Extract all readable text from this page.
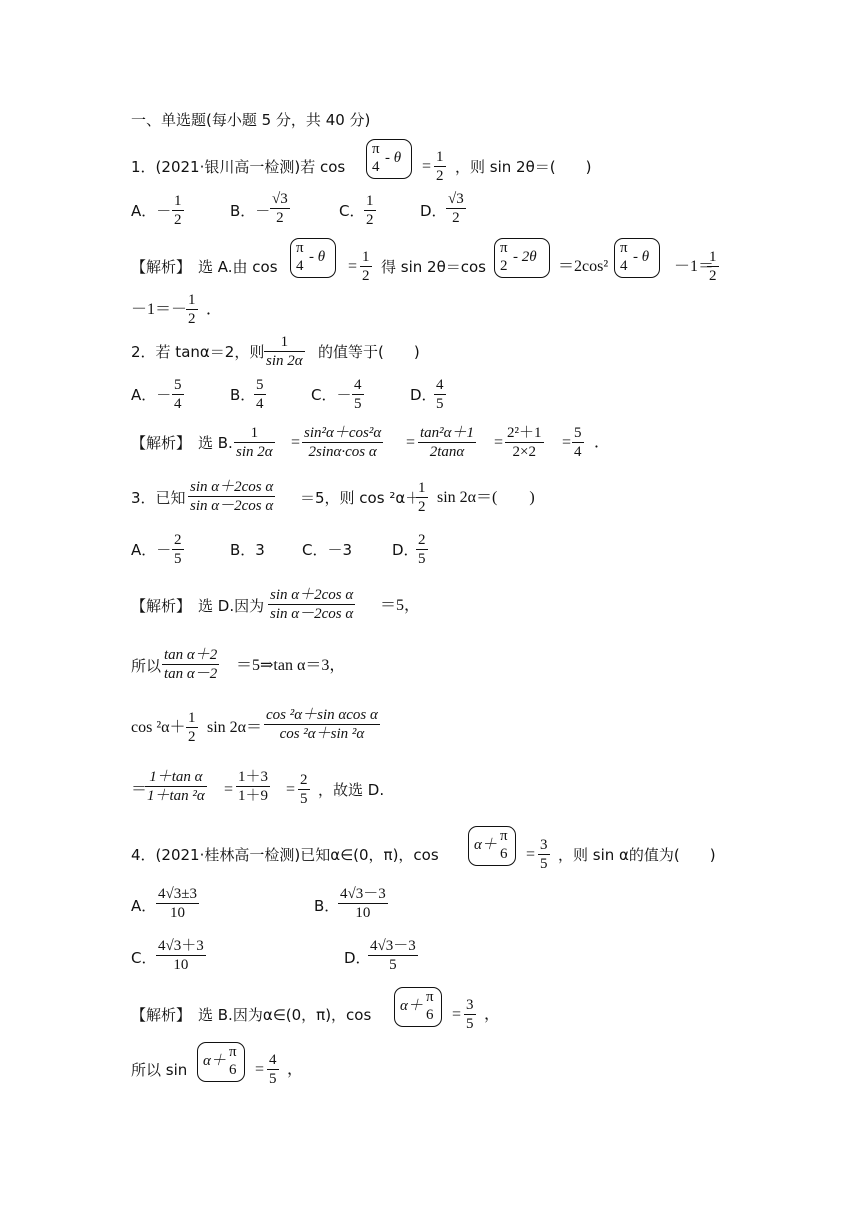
一、单选题(每小题 5 分，共 40 分)
1．(2021·银川高一检测)若 cos
π
4
- $\theta = \frac{1}{2}$ ，则 sin 2θ＝(　　)
A．－ $\frac{1}{2}$	B．－ $\frac{√3}{2}$	C． $\frac{1}{2}$	D． $\frac{√3}{2}$
【解析】 选 A.由 cos
π
4
- θ
= $\frac{1}{2}$ 得 sin 2θ＝cos
π
2
- 2θ
＝2cos²
π
4
- θ
－1＝
$\frac{1}{2}$
－1＝－
$\frac{1}{2}$ ．
2．若 tanα＝2，则 $\frac{1}{\sin 2\alpha}$ 的值等于(　　)
A．－ $\frac{5}{4}$	B．
$\frac{5}{4}$	C．－ $\frac{4}{5}$	D．
$\frac{4}{5}$
【解析】 选 B. $\frac{1}{\sin 2\alpha} = \frac{\text{sin²α＋cos²α}}{\text{2sinα·cos α}} = \frac{\text{tan²α＋1}}{2\tan\alpha} = \frac{\text{2²＋1}}{2\times 2} = \frac{5}{4}$ ．
3．已知 $\frac{\text{sin α＋2cos α}}{\text{sin α－2cos α}} =5$，则 cos ²α＋
$\frac{1}{2}$ sin 2α＝(　　)
A．－ $\frac{2}{5}$	B．3 C．－3	D．
$\frac{2}{5}$
【解析】 选 D.因为 $\frac{\text{sin α＋2cos α}}{\text{sin α－2cos α}} =5$，
所以 $\frac{\text{tan α＋2}}{\text{tan α－2}}$ ＝5⇒tan α＝3，
$\cos ^2\alpha+ \frac{1}{2}$ $\sin 2\alpha= \frac{\text{cos ²α＋sin αcos α}}{\text{cos ²α＋sin ²α}}$
＝
$\frac{\text{1＋tan α}}{\text{1＋tan ²α}} = \frac{1+3}{1+9} = \frac{2}{5}$ ，故选 D.
4．(2021·桂林高一检测)已知α∈(0，π)，cos
α＋
π
$6 = \frac{3}{5}$ ，则 sin α的值为(　　)
A． $\frac{4√3\pm 3}{10}$	B．
$\frac{4√3-3}{10}$
C． $\frac{4√3+3}{10}$	D．
$\frac{4√3-3}{5}$
【解析】 选 B.因为α∈(0，π)，cos α＋
π
$6 = \frac{3}{5}$ ，
所以 sin α＋
π
$6 = \frac{4}{5}$ ，
